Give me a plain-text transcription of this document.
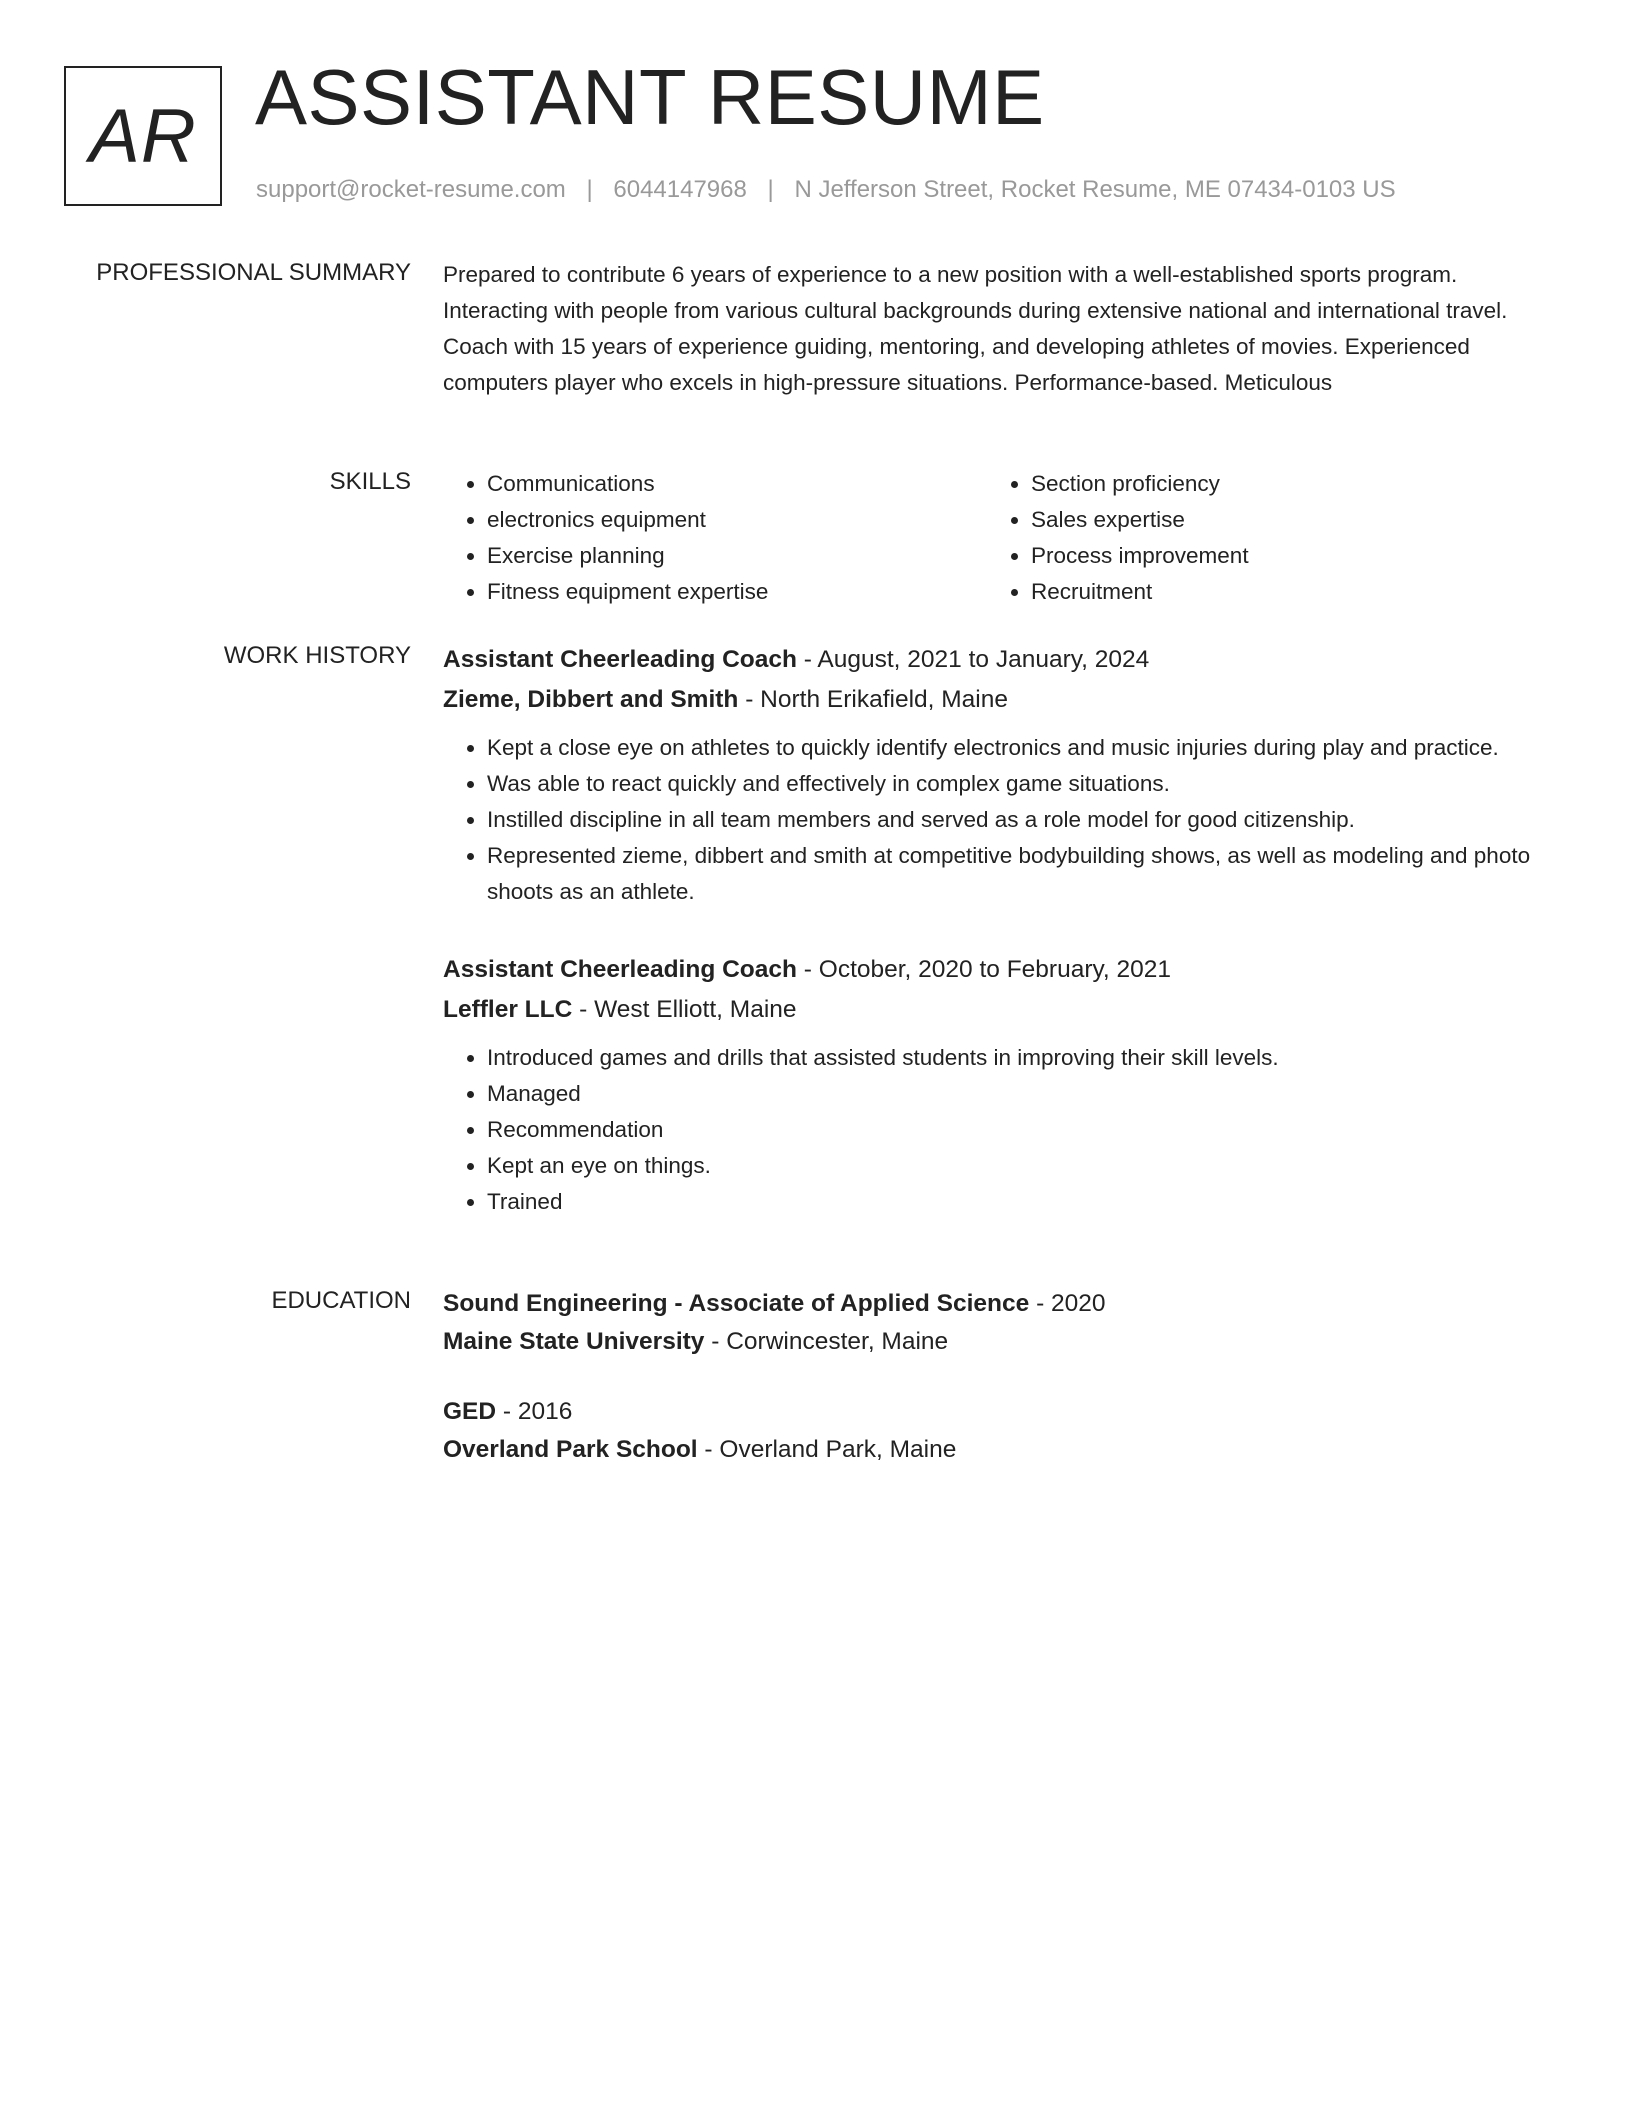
AR ASSISTANT RESUME
support@rocket-resume.com | 6044147968 | N Jefferson Street, Rocket Resume, ME 07434-0103 US
PROFESSIONAL SUMMARY Prepared to contribute 6 years of experience to a new position with a well-established sports program. Interacting with people from various cultural backgrounds during extensive national and international travel. Coach with 15 years of experience guiding, mentoring, and developing athletes of movies. Experienced computers player who excels in high-pressure situations. Performance-based. Meticulous

SKILLS
•	Communications
• electronics equipment
• Exercise planning
• Fitness equipment expertise
• Section proficiency
• Sales expertise
• Process improvement
• Recruitment
WORK HISTORY Assistant Cheerleading Coach - August, 2021 to January, 2024
Zieme, Dibbert and Smith - North Erikafield, Maine
• Kept a close eye on athletes to quickly identify electronics and music injuries during play and practice.
• Was able to react quickly and effectively in complex game situations.
• Instilled discipline in all team members and served as a role model for good citizenship.
• Represented zieme, dibbert and smith at competitive bodybuilding shows, as well as modeling and photo shoots as an athlete.
Assistant Cheerleading Coach - October, 2020 to February, 2021
Leffler LLC - West Elliott, Maine
• Introduced games and drills that assisted students in improving their skill levels.
• Managed
• Recommendation
• Kept an eye on things.
• Trained
EDUCATION Sound Engineering - Associate of Applied Science - 2020
Maine State University - Corwincester, Maine
GED - 2016
Overland Park School - Overland Park, Maine
